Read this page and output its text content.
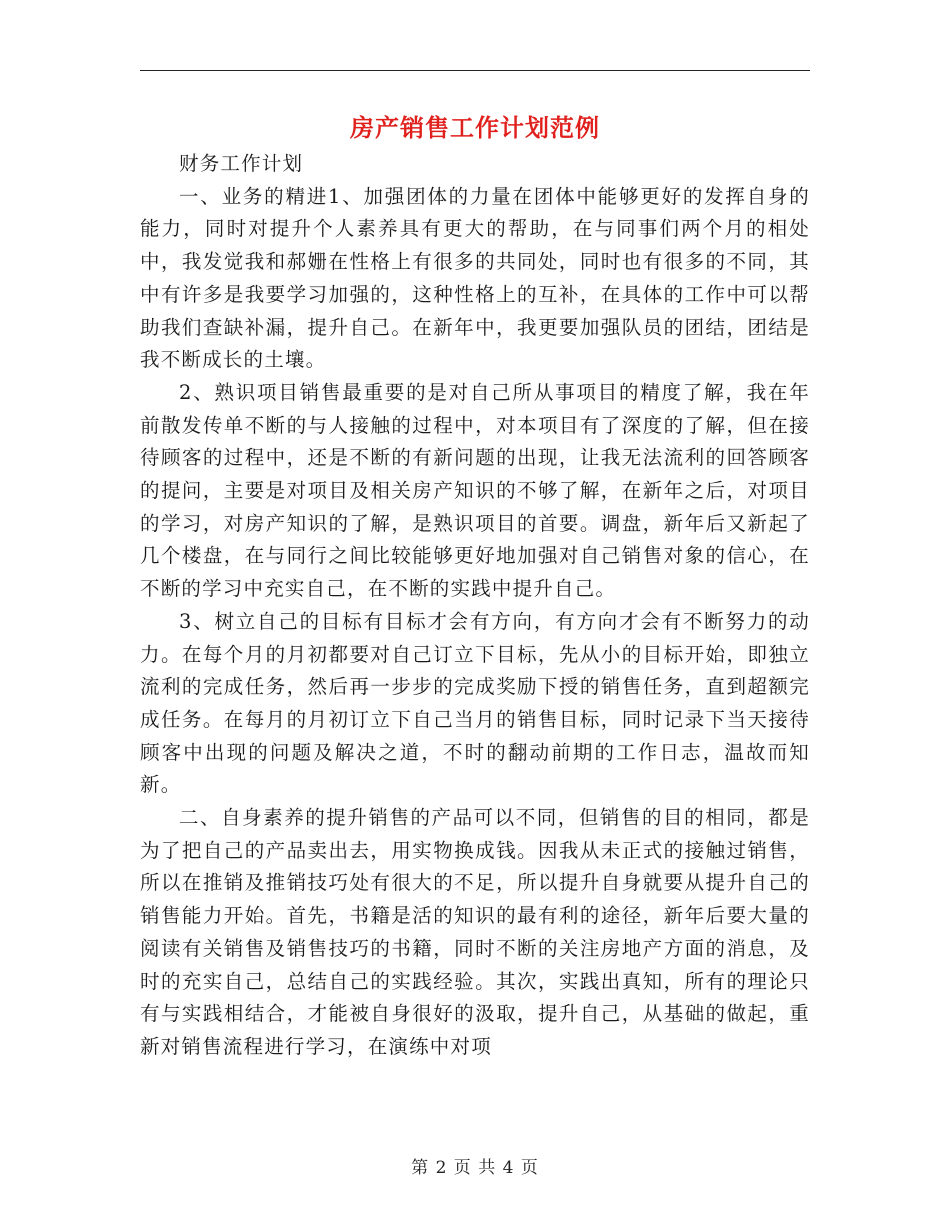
房产销售工作计划范例

财务工作计划

一、业务的精进1、加强团体的力量在团体中能够更好的发挥自身的能力，同时对提升个人素养具有更大的帮助，在与同事们两个月的相处中，我发觉我和郝姗在性格上有很多的共同处，同时也有很多的不同，其中有许多是我要学习加强的，这种性格上的互补，在具体的工作中可以帮助我们查缺补漏，提升自己。在新年中，我更要加强队员的团结，团结是我不断成长的土壤。

2、熟识项目销售最重要的是对自己所从事项目的精度了解，我在年前散发传单不断的与人接触的过程中，对本项目有了深度的了解，但在接待顾客的过程中，还是不断的有新问题的出现，让我无法流利的回答顾客的提问，主要是对项目及相关房产知识的不够了解，在新年之后，对项目的学习，对房产知识的了解，是熟识项目的首要。调盘，新年后又新起了几个楼盘，在与同行之间比较能够更好地加强对自己销售对象的信心，在不断的学习中充实自己，在不断的实践中提升自己。

3、树立自己的目标有目标才会有方向，有方向才会有不断努力的动力。在每个月的月初都要对自己订立下目标，先从小的目标开始，即独立流利的完成任务，然后再一步步的完成奖励下授的销售任务，直到超额完成任务。在每月的月初订立下自己当月的销售目标，同时记录下当天接待顾客中出现的问题及解决之道，不时的翻动前期的工作日志，温故而知新。

二、自身素养的提升销售的产品可以不同，但销售的目的相同，都是为了把自己的产品卖出去，用实物换成钱。因我从未正式的接触过销售，所以在推销及推销技巧处有很大的不足，所以提升自身就要从提升自己的销售能力开始。首先，书籍是活的知识的最有利的途径，新年后要大量的阅读有关销售及销售技巧的书籍，同时不断的关注房地产方面的消息，及时的充实自己，总结自己的实践经验。其次，实践出真知，所有的理论只有与实践相结合，才能被自身很好的汲取，提升自己，从基础的做起，重新对销售流程进行学习，在演练中对项

第 2 页 共 4 页
